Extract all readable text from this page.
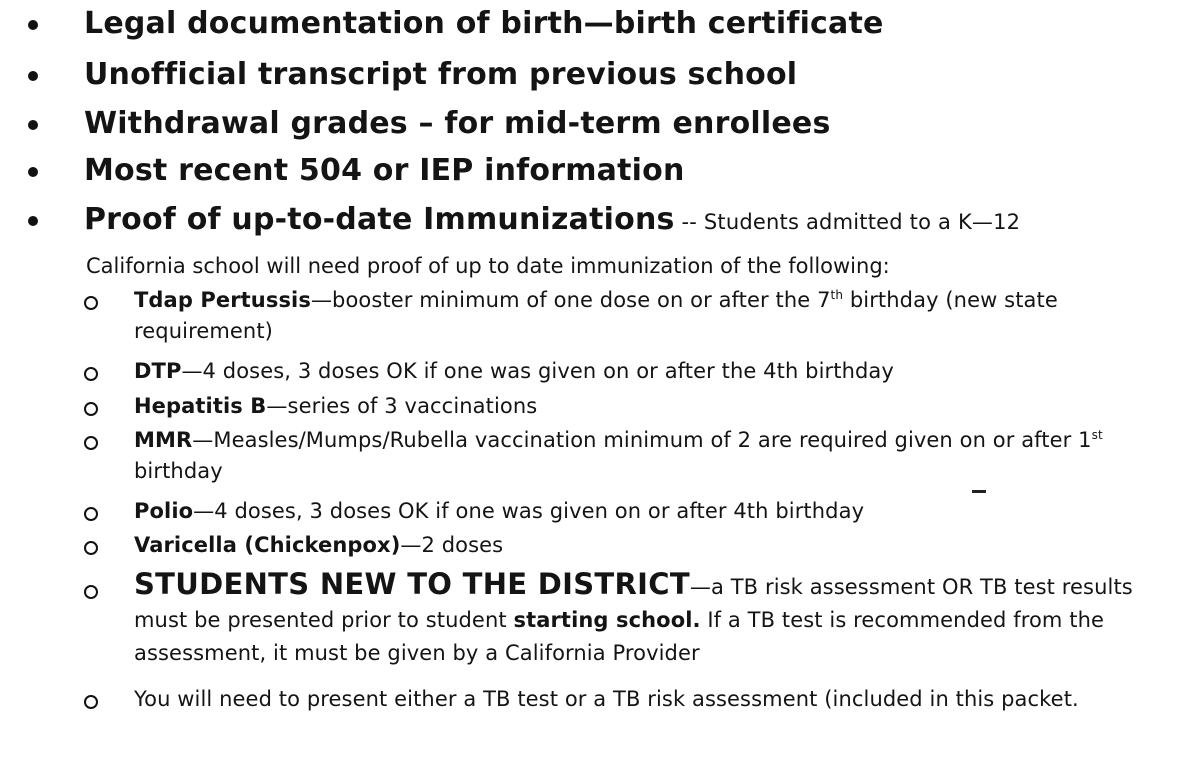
Legal documentation of birth—birth certificate
Unofficial transcript from previous school
Withdrawal grades – for mid-term enrollees
Most recent 504 or IEP information
Proof of up-to-date Immunizations -- Students admitted to a K—12
California school will need proof of up to date immunization of the following:
Tdap Pertussis—booster minimum of one dose on or after the 7th birthday (new state requirement)
DTP—4 doses, 3 doses OK if one was given on or after the 4th birthday
Hepatitis B—series of 3 vaccinations
MMR—Measles/Mumps/Rubella vaccination minimum of 2 are required given on or after 1st birthday
Polio—4 doses, 3 doses OK if one was given on or after 4th birthday
Varicella (Chickenpox)—2 doses
STUDENTS NEW TO THE DISTRICT—a TB risk assessment OR TB test results must be presented prior to student starting school. If a TB test is recommended from the assessment, it must be given by a California Provider
You will need to present either a TB test or a TB risk assessment (included in this packet.
